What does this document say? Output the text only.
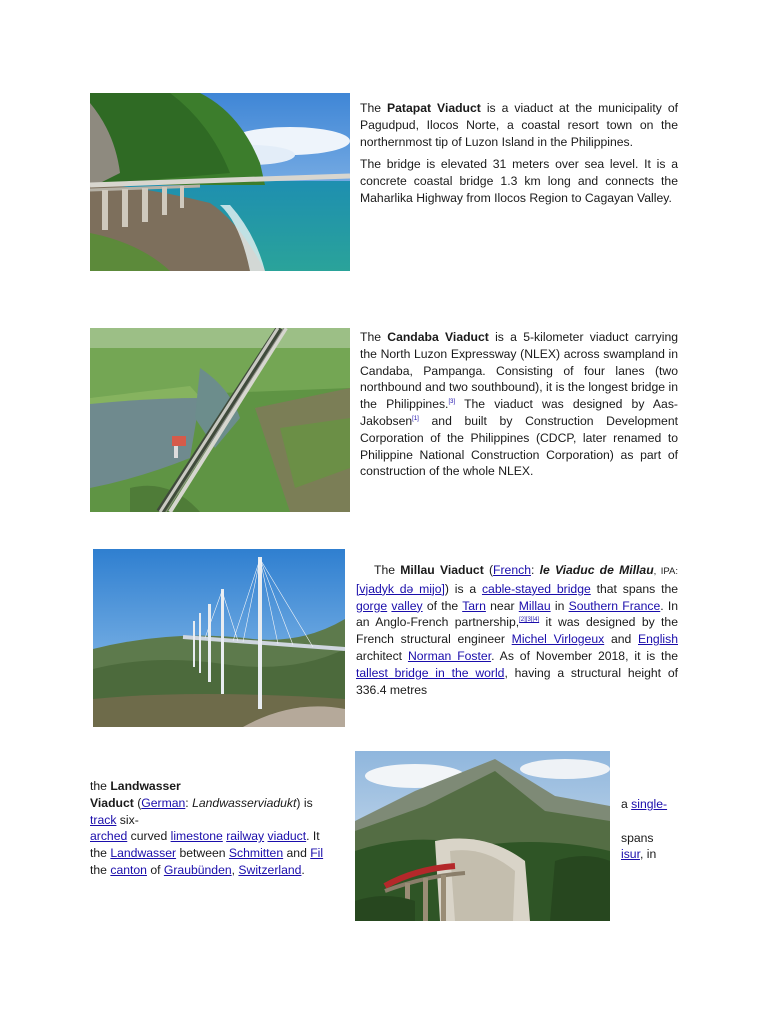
The Patapat Viaduct is a viaduct at the municipality of Pagudpud, Ilocos Norte, a coastal resort town on the northernmost tip of Luzon Island in the Philippines.

The bridge is elevated 31 meters over sea level. It is a concrete coastal bridge 1.3 km long and connects the Maharlika Highway from Ilocos Region to Cagayan Valley.

The Candaba Viaduct is a 5-kilometer viaduct carrying the North Luzon Expressway (NLEX) across swampland in Candaba, Pampanga. Consisting of four lanes (two northbound and two southbound), it is the longest bridge in the Philippines.[3] The viaduct was designed by Aas-Jakobsen[1] and built by Construction Development Corporation of the Philippines (CDCP, later renamed to Philippine National Construction Corporation) as part of construction of the whole NLEX.

The Millau Viaduct (French: le Viaduc de Millau, IPA: [vjadyk də mijo]) is a cable-stayed bridge that spans the gorge valley of the Tarn near Millau in Southern France. In an Anglo-French partnership,[2][3][4] it was designed by the French structural engineer Michel Virlogeux and English architect Norman Foster. As of November 2018, it is the tallest bridge in the world, having a structural height of 336.4 metres

the Landwasser
Viaduct (German: Landwasserviadukt) is
track six-
arched curved limestone railway viaduct. It
the Landwasser between Schmitten and Fil
the canton of Graubünden, Switzerland.
a single-

spans
isur, in
